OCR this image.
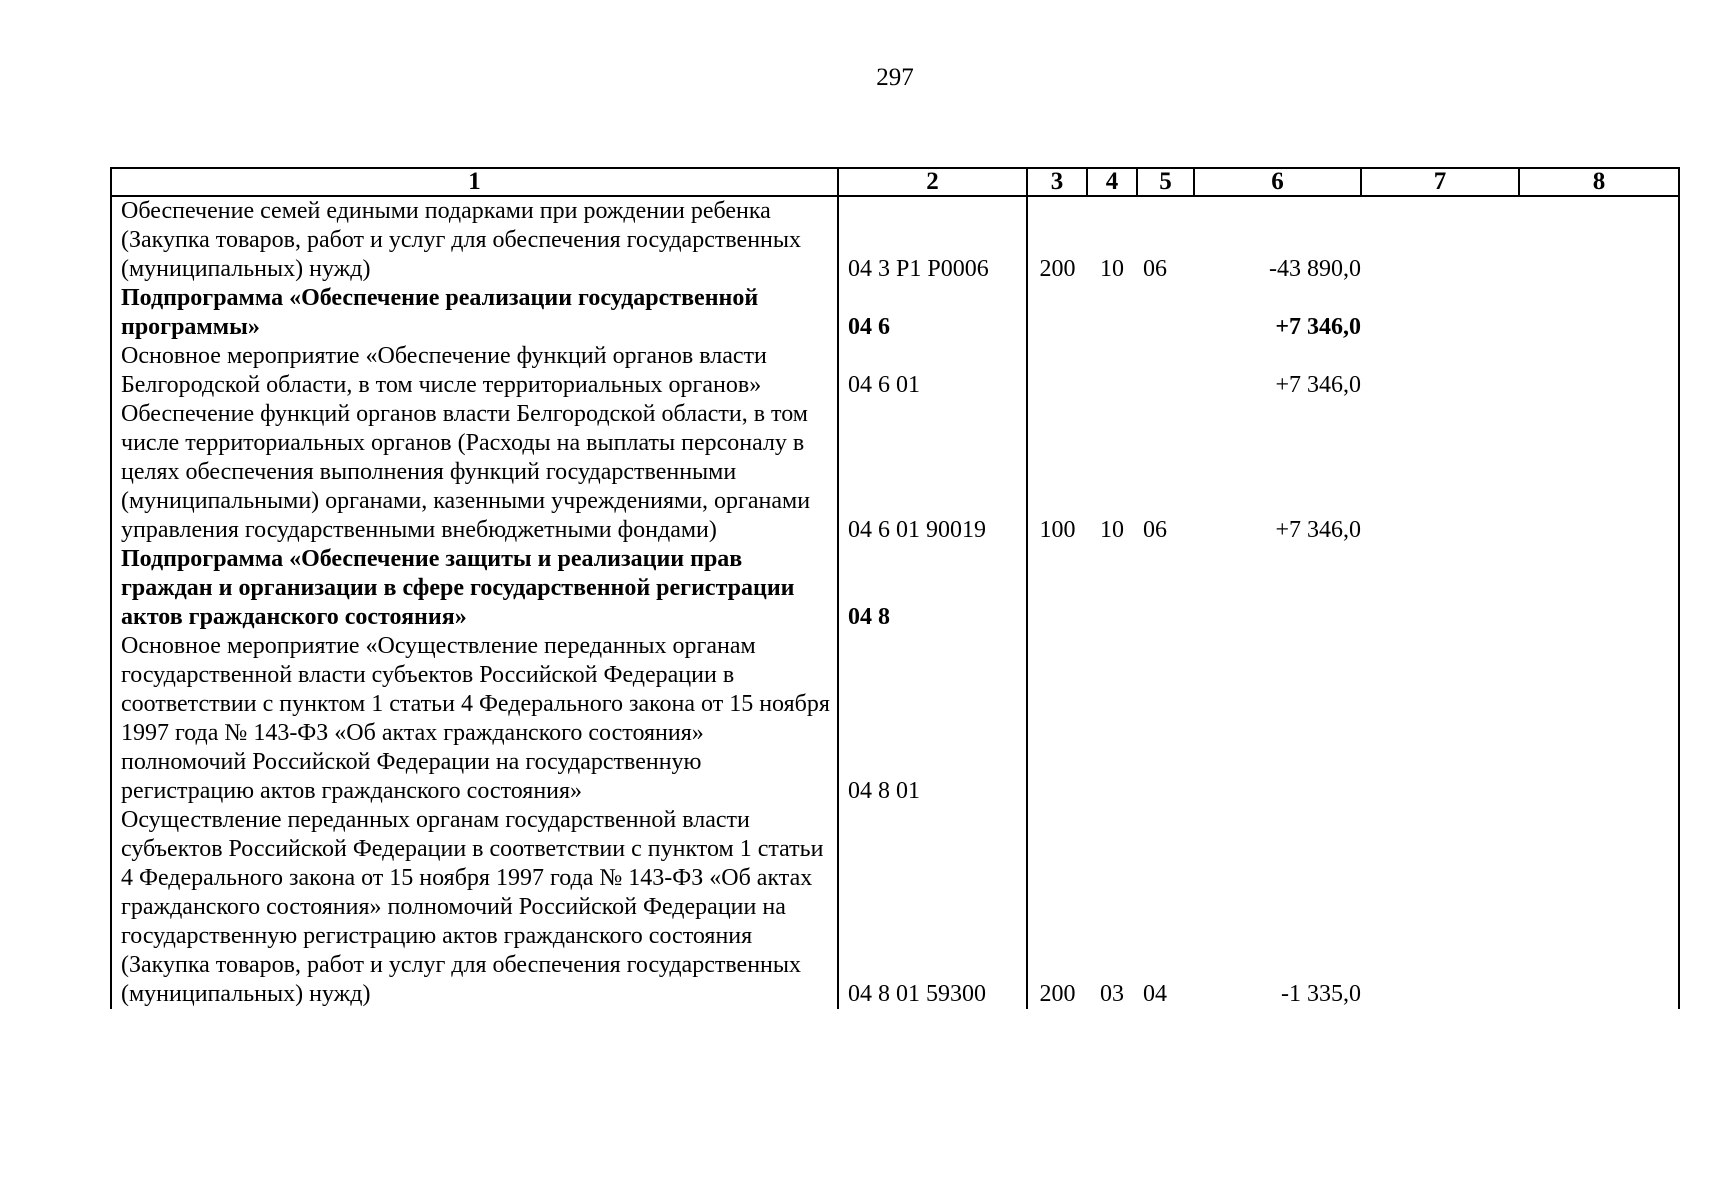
297
1	2	3	4	5	6	7	8
Обеспечение семей едиными подарками при рождении ребенка (Закупка товаров, работ и услуг для обеспечения государственных (муниципальных) нужд)	04 3 P1 P0006	200	10	06	-43 890,0		
Подпрограмма «Обеспечение реализации государственной программы»	04 6				+7 346,0		
Основное мероприятие «Обеспечение функций органов власти Белгородской области, в том числе территориальных органов»	04 6 01				+7 346,0		
Обеспечение функций органов власти Белгородской области, в том числе территориальных органов (Расходы на выплаты персоналу в целях обеспечения выполнения функций государственными (муниципальными) органами, казенными учреждениями, органами управления государственными внебюджетными фондами)	04 6 01 90019	100	10	06	+7 346,0		
Подпрограмма «Обеспечение защиты и реализации прав граждан и организации в сфере государственной регистрации актов гражданского состояния»	04 8						
Основное мероприятие «Осуществление переданных органам государственной власти субъектов Российской Федерации в соответствии с пунктом 1 статьи 4 Федерального закона от 15 ноября 1997 года № 143-ФЗ «Об актах гражданского состояния» полномочий Российской Федерации на государственную регистрацию актов гражданского состояния»	04 8 01						
Осуществление переданных органам государственной власти субъектов Российской Федерации в соответствии с пунктом 1 статьи 4 Федерального закона от 15 ноября 1997 года № 143-ФЗ «Об актах гражданского состояния» полномочий Российской Федерации на государственную регистрацию актов гражданского состояния (Закупка товаров, работ и услуг для обеспечения государственных (муниципальных) нужд)	04 8 01 59300	200	03	04	-1 335,0		
